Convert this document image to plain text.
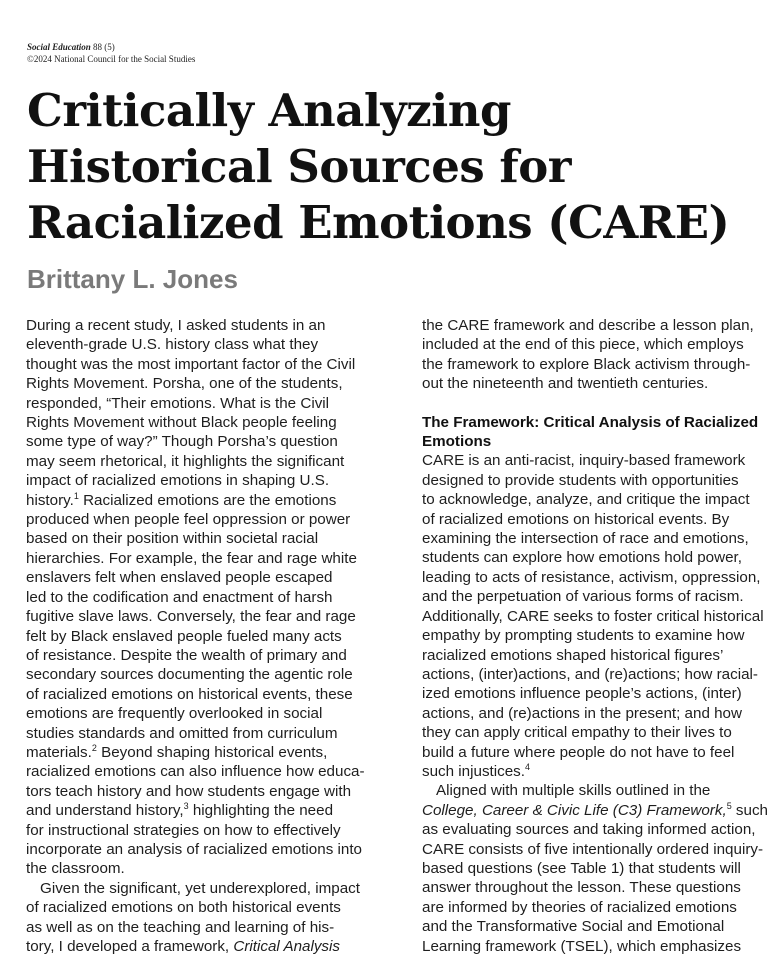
Social Education 88 (5)
©2024 National Council for the Social Studies
Critically Analyzing
Historical Sources for
Racialized Emotions (CARE)
Brittany L. Jones

During a recent study, I asked students in an
eleventh-grade U.S. history class what they
thought was the most important factor of the Civil
Rights Movement. Porsha, one of the students,
responded, “Their emotions. What is the Civil
Rights Movement without Black people feeling
some type of way?” Though Porsha’s question
may seem rhetorical, it highlights the significant
impact of racialized emotions in shaping U.S.
history.$^1$ Racialized emotions are the emotions
produced when people feel oppression or power
based on their position within societal racial
hierarchies. For example, the fear and rage white
enslavers felt when enslaved people escaped
led to the codification and enactment of harsh
fugitive slave laws. Conversely, the fear and rage
felt by Black enslaved people fueled many acts
of resistance. Despite the wealth of primary and
secondary sources documenting the agentic role
of racialized emotions on historical events, these
emotions are frequently overlooked in social
studies standards and omitted from curriculum
materials.$^2$ Beyond shaping historical events,
racialized emotions can also influence how educa-
tors teach history and how students engage with
and understand history,$^3$ highlighting the need
for instructional strategies on how to effectively
incorporate an analysis of racialized emotions into
the classroom.

Given the significant, yet underexplored, impact
of racialized emotions on both historical events
as well as on the teaching and learning of his-
tory, I developed a framework, Critical Analysis

the CARE framework and describe a lesson plan,
included at the end of this piece, which employs
the framework to explore Black activism through-
out the nineteenth and twentieth centuries.

The Framework: Critical Analysis of Racialized
Emotions

CARE is an anti-racist, inquiry-based framework
designed to provide students with opportunities
to acknowledge, analyze, and critique the impact
of racialized emotions on historical events. By
examining the intersection of race and emotions,
students can explore how emotions hold power,
leading to acts of resistance, activism, oppression,
and the perpetuation of various forms of racism.
Additionally, CARE seeks to foster critical historical
empathy by prompting students to examine how
racialized emotions shaped historical figures’
actions, (inter)actions, and (re)actions; how racial-
ized emotions influence people’s actions, (inter)
actions, and (re)actions in the present; and how
they can apply critical empathy to their lives to
build a future where people do not have to feel
such injustices.$^4$

Aligned with multiple skills outlined in the
College, Career & Civic Life (C3) Framework,$^5$ such
as evaluating sources and taking informed action,
CARE consists of five intentionally ordered inquiry-
based questions (see Table 1) that students will
answer throughout the lesson. These questions
are informed by theories of racialized emotions
and the Transformative Social and Emotional
Learning framework (TSEL), which emphasizes
